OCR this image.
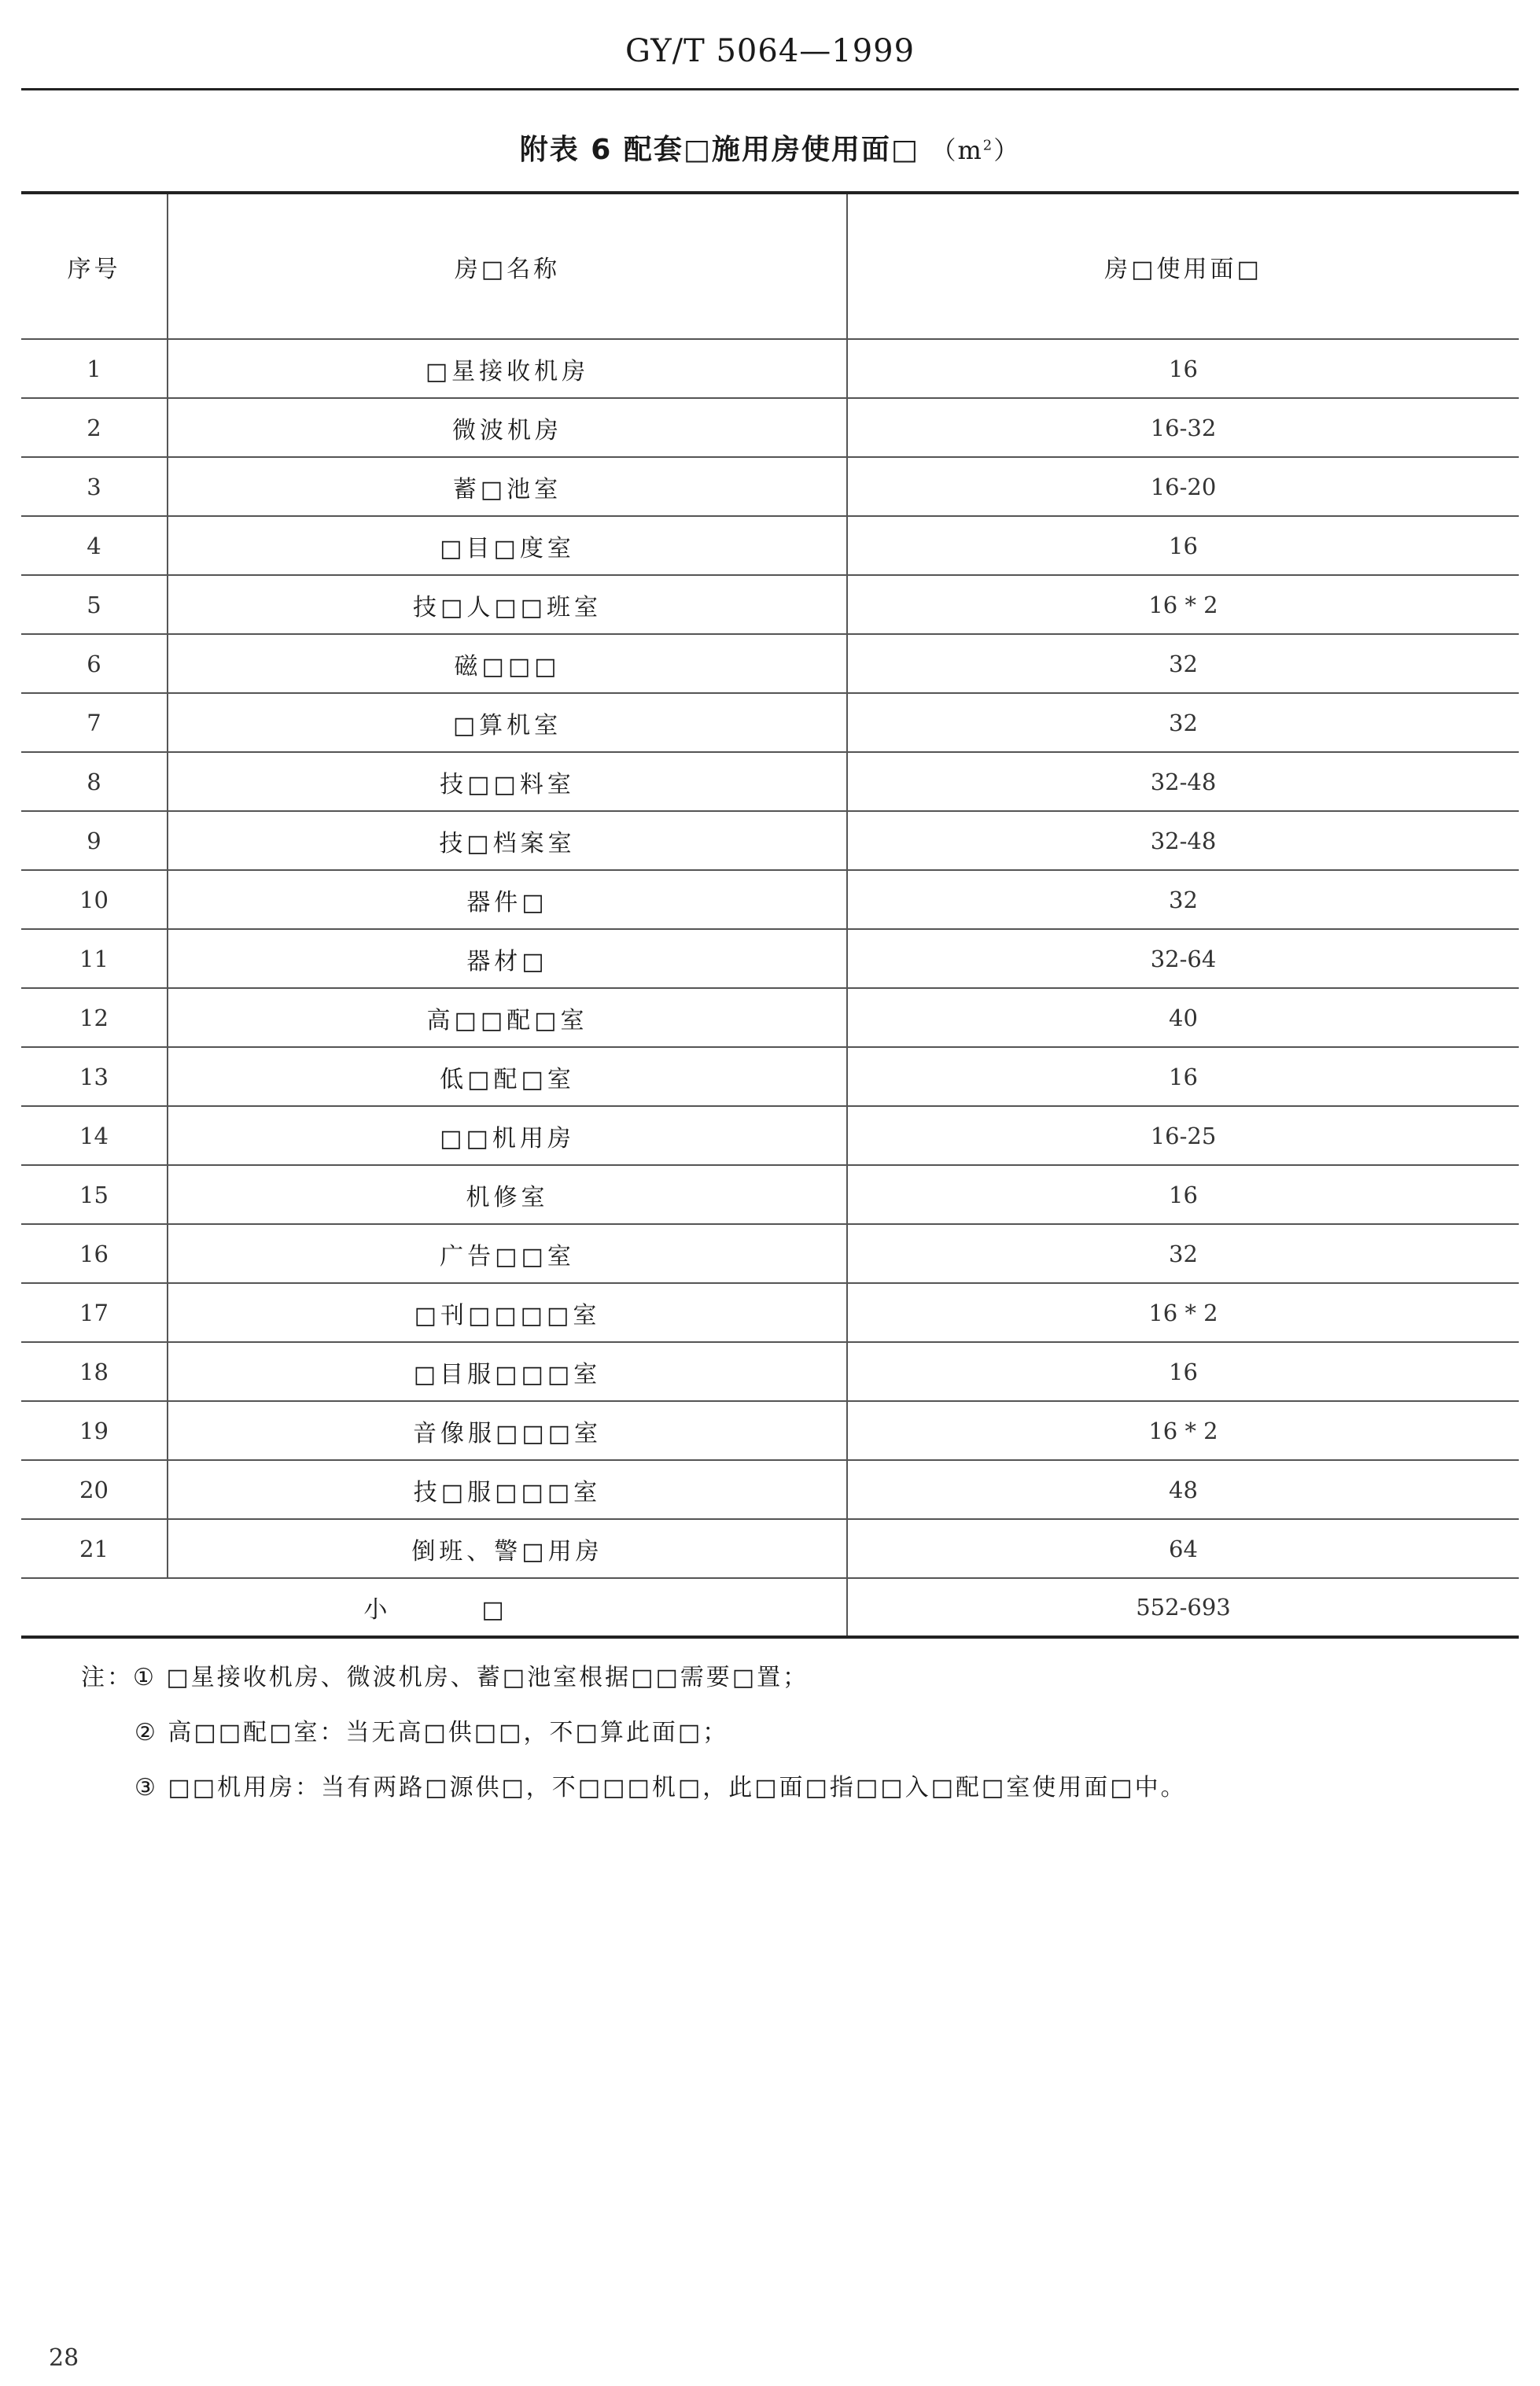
GY/T 5064—1999
附表 6 配套□施用房使用面□ $(m^2)$
序号	房□名称	房□使用面□
1	□星接收机房	16
2	微波机房	16-32
3	蓄□池室	16-20
4	□目□度室	16
5	技□人□□班室	16 * 2
6	磁□□□	32
7	□算机室	32
8	技□□料室	32-48
9	技□档案室	32-48
10	器件□	32
11	器材□	32-64
12	高□□配□室	40
13	低□配□室	16
14	□□机用房	16-25
15	机修室	16
16	广告□□室	32
17	□刊□□□□室	16 * 2
18	□目服□□□室	16
19	音像服□□□室	16 * 2
20	技□服□□□室	48
21	倒班、警□用房	64
小 □		552-693
注：① □星接收机房、微波机房、蓄□池室根据□□需要□置；
② 高□□配□室：当无高□供□□，不□算此面□；
③ □□机用房：当有两路□源供□，不□□□机□，此□面□指□□入□配□室使用面□中。
28
